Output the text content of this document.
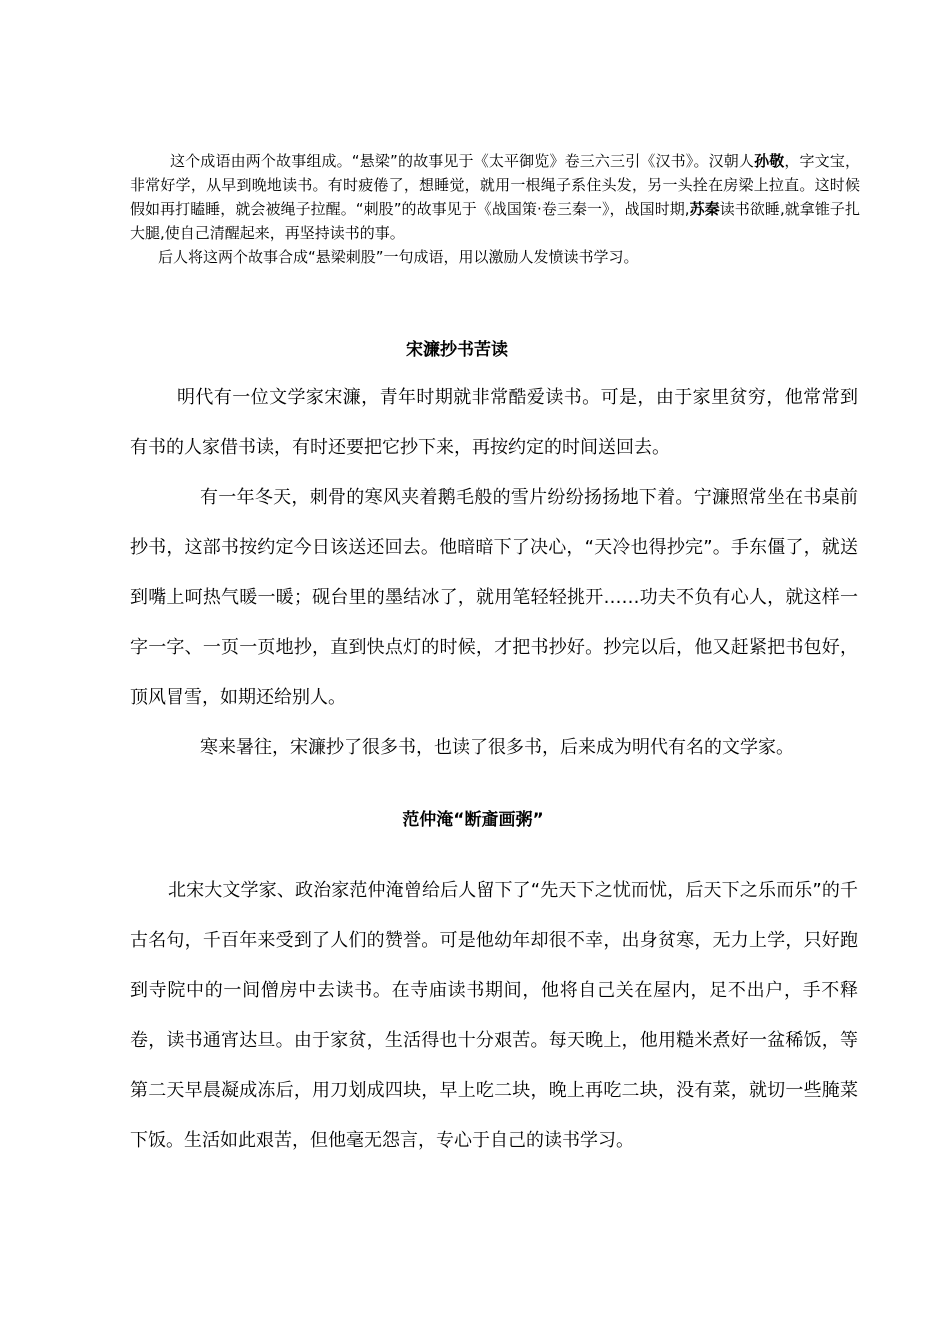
这个成语由两个故事组成。“悬梁”的故事见于《太平御览》卷三六三引《汉书》。汉朝人孙敬，字文宝，非常好学，从早到晚地读书。有时疲倦了，想睡觉，就用一根绳子系住头发，另一头拴在房梁上拉直。这时候假如再打瞌睡，就会被绳子拉醒。“刺股”的故事见于《战国策·卷三秦一》，战国时期,苏秦读书欲睡,就拿锥子扎大腿,使自己清醒起来，再坚持读书的事。

后人将这两个故事合成“悬梁刺股”一句成语，用以激励人发愤读书学习。

宋濂抄书苦读

明代有一位文学家宋濂，青年时期就非常酷爱读书。可是，由于家里贫穷，他常常到有书的人家借书读，有时还要把它抄下来，再按约定的时间送回去。

有一年冬天，刺骨的寒风夹着鹅毛般的雪片纷纷扬扬地下着。宁濂照常坐在书桌前抄书，这部书按约定今日该送还回去。他暗暗下了决心，“天冷也得抄完”。手东僵了，就送到嘴上呵热气暖一暖；砚台里的墨结冰了，就用笔轻轻挑开……功夫不负有心人，就这样一字一字、一页一页地抄，直到快点灯的时候，才把书抄好。抄完以后，他又赶紧把书包好，顶风冒雪，如期还给别人。

寒来暑往，宋濂抄了很多书，也读了很多书，后来成为明代有名的文学家。

范仲淹“断齑画粥”

北宋大文学家、政治家范仲淹曾给后人留下了“先天下之忧而忧，后天下之乐而乐”的千古名句，千百年来受到了人们的赞誉。可是他幼年却很不幸，出身贫寒，无力上学，只好跑到寺院中的一间僧房中去读书。在寺庙读书期间，他将自己关在屋内，足不出户，手不释卷，读书通宵达旦。由于家贫，生活得也十分艰苦。每天晚上，他用糙米煮好一盆稀饭，等第二天早晨凝成冻后，用刀划成四块，早上吃二块，晚上再吃二块，没有菜，就切一些腌菜下饭。生活如此艰苦，但他毫无怨言，专心于自己的读书学习。
